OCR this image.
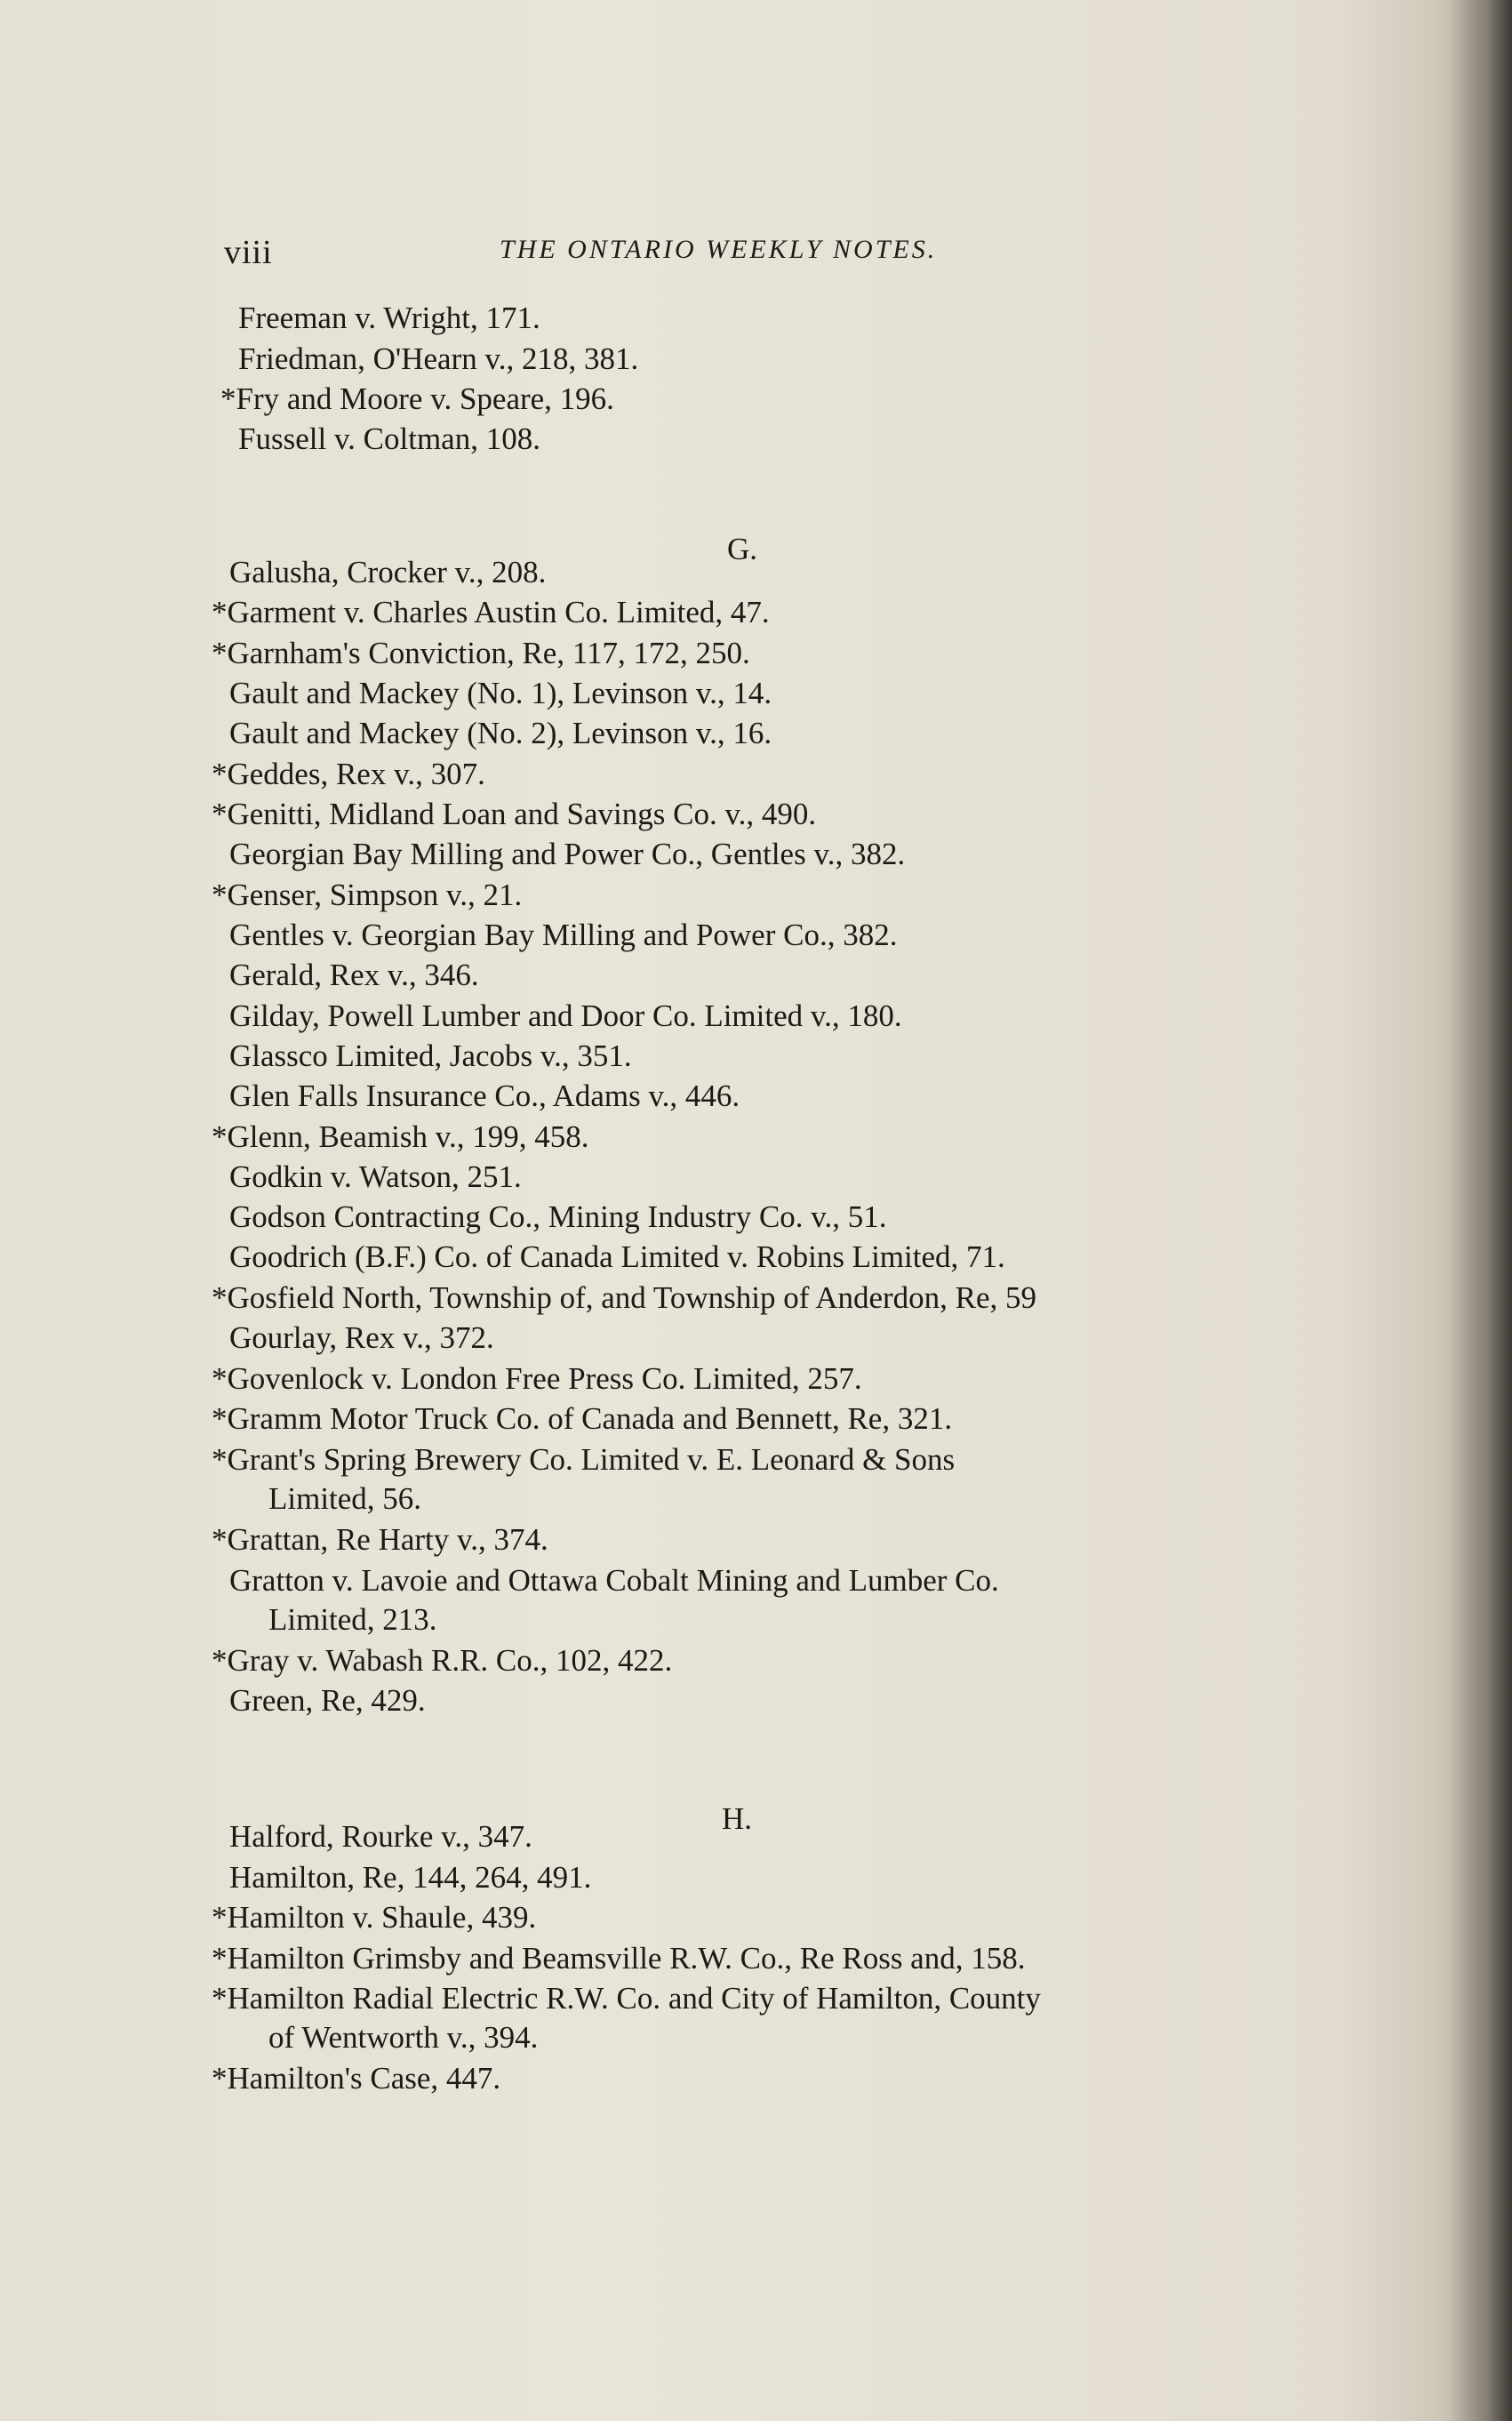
viii	THE ONTARIO WEEKLY NOTES.
G.
H.
Freeman v. Wright, 171.
Friedman, O'Hearn v., 218, 381.
*Fry and Moore v. Speare, 196.
Fussell v. Coltman, 108.
Galusha, Crocker v., 208.
*Garment v. Charles Austin Co. Limited, 47.
*Garnham's Conviction, Re, 117, 172, 250.
Gault and Mackey (No. 1), Levinson v., 14.
Gault and Mackey (No. 2), Levinson v., 16.
*Geddes, Rex v., 307.
*Genitti, Midland Loan and Savings Co. v., 490.
Georgian Bay Milling and Power Co., Gentles v., 382.
*Genser, Simpson v., 21.
Gentles v. Georgian Bay Milling and Power Co., 382.
Gerald, Rex v., 346.
Gilday, Powell Lumber and Door Co. Limited v., 180.
Glassco Limited, Jacobs v., 351.
Glen Falls Insurance Co., Adams v., 446.
*Glenn, Beamish v., 199, 458.
Godkin v. Watson, 251.
Godson Contracting Co., Mining Industry Co. v., 51.
Goodrich (B.F.) Co. of Canada Limited v. Robins Limited, 71.
*Gosfield North, Township of, and Township of Anderdon, Re, 59
Gourlay, Rex v., 372.
*Govenlock v. London Free Press Co. Limited, 257.
*Gramm Motor Truck Co. of Canada and Bennett, Re, 321.
*Grant's Spring Brewery Co. Limited v. E. Leonard & Sons
Limited, 56.
*Grattan, Re Harty v., 374.
Gratton v. Lavoie and Ottawa Cobalt Mining and Lumber Co.
Limited, 213.
*Gray v. Wabash R.R. Co., 102, 422.
Green, Re, 429.
Halford, Rourke v., 347.
Hamilton, Re, 144, 264, 491.
*Hamilton v. Shaule, 439.
*Hamilton Grimsby and Beamsville R.W. Co., Re Ross and, 158.
*Hamilton Radial Electric R.W. Co. and City of Hamilton, County
of Wentworth v., 394.
*Hamilton's Case, 447.
